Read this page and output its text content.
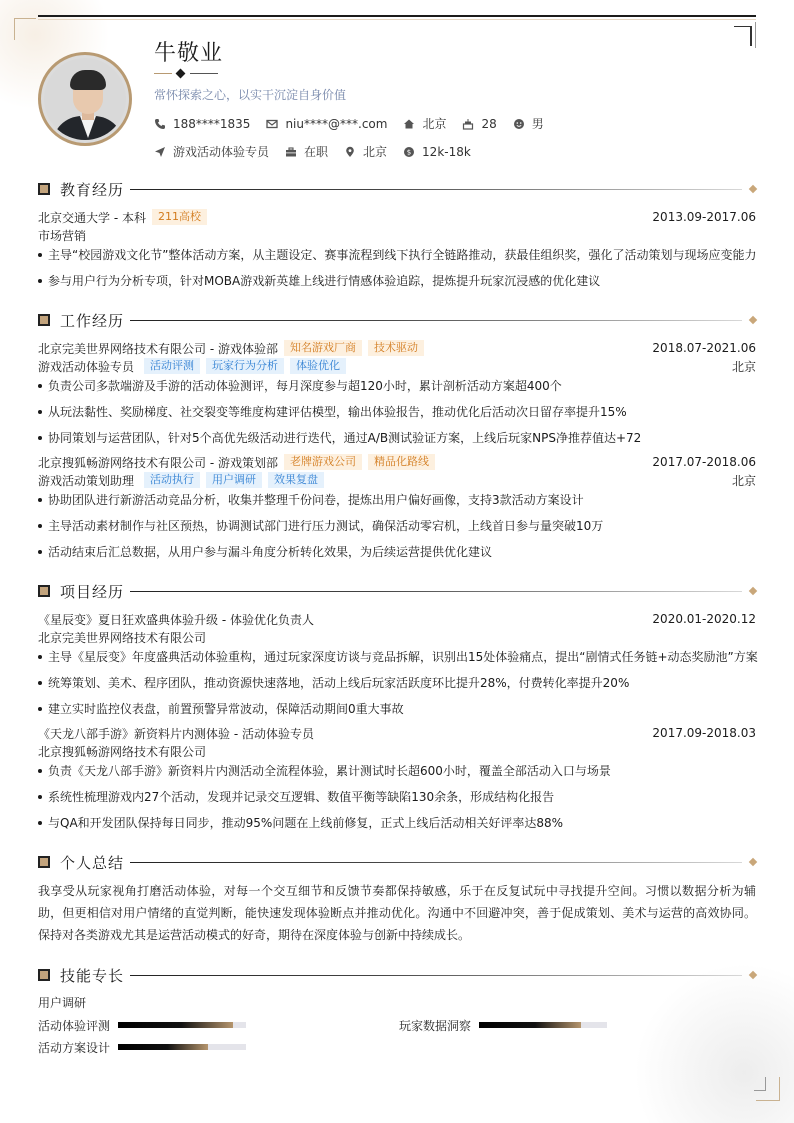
牛敬业
常怀探索之心，以实干沉淀自身价值
188****1835	niu****@***.com	北京	28	男
游戏活动体验专员	在职	北京	$ 12k-18k
教育经历
北京交通大学 - 本科	211高校	2013.09-2017.06
市场营销
主导“校园游戏文化节”整体活动方案，从主题设定、赛事流程到线下执行全链路推动，获最佳组织奖，强化了活动策划与现场应变能力
参与用户行为分析专项，针对MOBA游戏新英雄上线进行情感体验追踪，提炼提升玩家沉浸感的优化建议
工作经历
北京完美世界网络技术有限公司 - 游戏体验部	知名游戏厂商	技术驱动	2018.07-2021.06
游戏活动体验专员	活动评测	玩家行为分析	体验优化	北京
负责公司多款端游及手游的活动体验测评，每月深度参与超120小时，累计剖析活动方案超400个
从玩法黏性、奖励梯度、社交裂变等维度构建评估模型，输出体验报告，推动优化后活动次日留存率提升15%
协同策划与运营团队，针对5个高优先级活动进行迭代，通过A/B测试验证方案，上线后玩家NPS净推荐值达+72
北京搜狐畅游网络技术有限公司 - 游戏策划部	老牌游戏公司	精品化路线	2017.07-2018.06
游戏活动策划助理	活动执行	用户调研	效果复盘	北京
协助团队进行新游活动竞品分析，收集并整理千份问卷，提炼出用户偏好画像，支持3款活动方案设计
主导活动素材制作与社区预热，协调测试部门进行压力测试，确保活动零宕机，上线首日参与量突破10万
活动结束后汇总数据，从用户参与漏斗角度分析转化效果，为后续运营提供优化建议
项目经历
《星辰变》夏日狂欢盛典体验升级 - 体验优化负责人	2020.01-2020.12
北京完美世界网络技术有限公司
主导《星辰变》年度盛典活动体验重构，通过玩家深度访谈与竞品拆解，识别出15处体验痛点，提出“剧情式任务链+动态奖励池”方案
统筹策划、美术、程序团队，推动资源快速落地，活动上线后玩家活跃度环比提升28%，付费转化率提升20%
建立实时监控仪表盘，前置预警异常波动，保障活动期间0重大事故
《天龙八部手游》新资料片内测体验 - 活动体验专员	2017.09-2018.03
北京搜狐畅游网络技术有限公司
负责《天龙八部手游》新资料片内测活动全流程体验，累计测试时长超600小时，覆盖全部活动入口与场景
系统性梳理游戏内27个活动，发现并记录交互逻辑、数值平衡等缺陷130余条，形成结构化报告
与QA和开发团队保持每日同步，推动95%问题在上线前修复，正式上线后活动相关好评率达88%
个人总结
我享受从玩家视角打磨活动体验，对每一个交互细节和反馈节奏都保持敏感，乐于在反复试玩中寻找提升空间。习惯以数据分析为辅助，但更相信对用户情绪的直觉判断，能快速发现体验断点并推动优化。沟通中不回避冲突，善于促成策划、美术与运营的高效协同。保持对各类游戏尤其是运营活动模式的好奇，期待在深度体验与创新中持续成长。
技能专长
用户调研
活动体验评测	玩家数据洞察
活动方案设计
